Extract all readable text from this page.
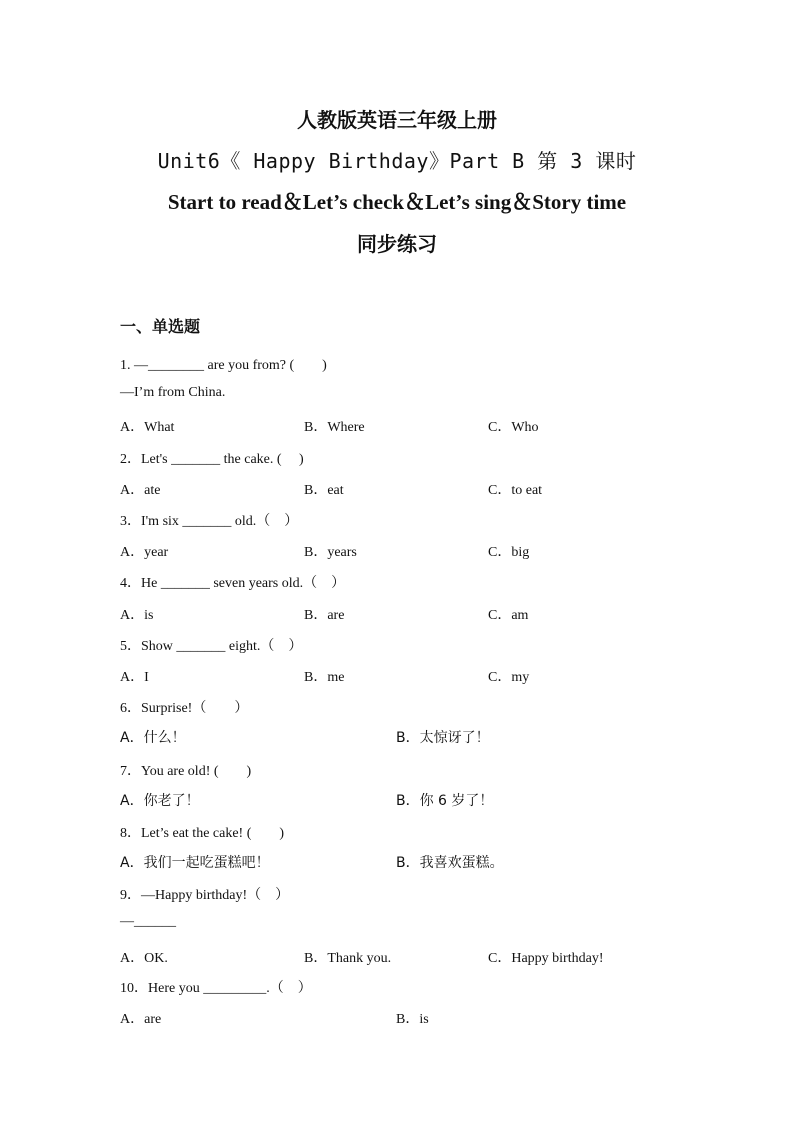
人教版英语三年级上册
Unit6《 Happy Birthday》Part B 第 3 课时
Start to read＆Let’s check＆Let’s sing＆Story time
同步练习
一、单选题
1. —________ are you from? (　　)
—I’m from China.
A．What	B．Where	C．Who
2．Let's _______ the cake. (　 )
A．ate	B．eat	C．to eat
3．I'm six _______ old.（　）
A．year	B．years	C．big
4．He _______ seven years old.（　）
A．is	B．are	C．am
5．Show _______ eight.（　）
A．I	B．me	C．my
6．Surprise!（　　）
A．什么！	B．太惊讶了！
7．You are old! (　　)
A．你老了！	B．你 6 岁了！
8．Let’s eat the cake! (　　)
A．我们一起吃蛋糕吧！	B．我喜欢蛋糕。
9．—Happy birthday!（　）
—______
A．OK.	B．Thank you.	C．Happy birthday!
10．Here you _________.（　）
A．are	B．is
